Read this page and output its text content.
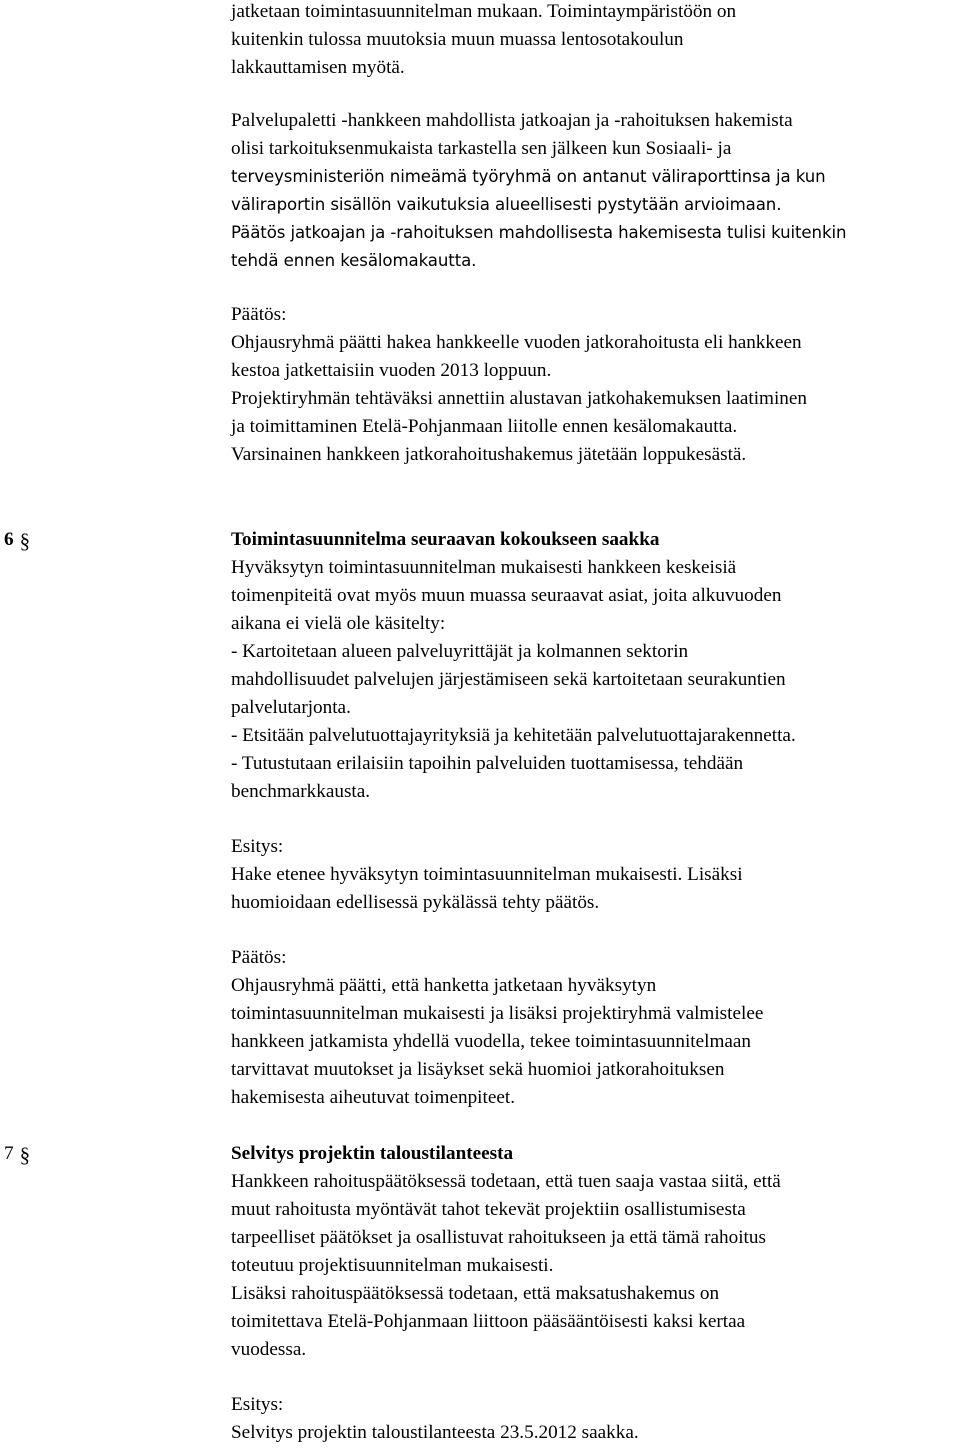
jatketaan toimintasuunnitelman mukaan. Toimintaympäristöön on
kuitenkin tulossa muutoksia muun muassa lentosotakoulun
lakkauttamisen myötä.
Palvelupaletti -hankkeen mahdollista jatkoajan ja -rahoituksen hakemista
olisi tarkoituksenmukaista tarkastella sen jälkeen kun Sosiaali- ja
terveysministeriön nimeämä työryhmä on antanut väliraporttinsa ja kun
väliraportin sisällön vaikutuksia alueellisesti pystytään arvioimaan.
Päätös jatkoajan ja -rahoituksen mahdollisesta hakemisesta tulisi kuitenkin
tehdä ennen kesälomakautta.
Päätös:
Ohjausryhmä päätti hakea hankkeelle vuoden jatkorahoitusta eli hankkeen
kestoa jatkettaisiin vuoden 2013 loppuun.
Projektiryhmän tehtäväksi annettiin alustavan jatkohakemuksen laatiminen
ja toimittaminen Etelä-Pohjanmaan liitolle ennen kesälomakautta.
Varsinainen hankkeen jatkorahoitushakemus jätetään loppukesästä.
6 §	Toimintasuunnitelma seuraavan kokoukseen saakka
Hyväksytyn toimintasuunnitelman mukaisesti hankkeen keskeisiä
toimenpiteitä ovat myös muun muassa seuraavat asiat, joita alkuvuoden
aikana ei vielä ole käsitelty:
- Kartoitetaan alueen palveluyrittäjät ja kolmannen sektorin
mahdollisuudet palvelujen järjestämiseen sekä kartoitetaan seurakuntien
palvelutarjonta.
- Etsitään palvelutuottajayrityksiä ja kehitetään palvelutuottajarakennetta.
- Tutustutaan erilaisiin tapoihin palveluiden tuottamisessa, tehdään
benchmarkkausta.
Esitys:
Hake etenee hyväksytyn toimintasuunnitelman mukaisesti. Lisäksi
huomioidaan edellisessä pykälässä tehty päätös.
Päätös:
Ohjausryhmä päätti, että hanketta jatketaan hyväksytyn
toimintasuunnitelman mukaisesti ja lisäksi projektiryhmä valmistelee
hankkeen jatkamista yhdellä vuodella, tekee toimintasuunnitelmaan
tarvittavat muutokset ja lisäykset sekä huomioi jatkorahoituksen
hakemisesta aiheutuvat toimenpiteet.
7 §	Selvitys projektin taloustilanteesta
Hankkeen rahoituspäätöksessä todetaan, että tuen saaja vastaa siitä, että
muut rahoitusta myöntävät tahot tekevät projektiin osallistumisesta
tarpeelliset päätökset ja osallistuvat rahoitukseen ja että tämä rahoitus
toteutuu projektisuunnitelman mukaisesti.
Lisäksi rahoituspäätöksessä todetaan, että maksatushakemus on
toimitettava Etelä-Pohjanmaan liittoon pääsääntöisesti kaksi kertaa
vuodessa.
Esitys:
Selvitys projektin taloustilanteesta 23.5.2012 saakka.
